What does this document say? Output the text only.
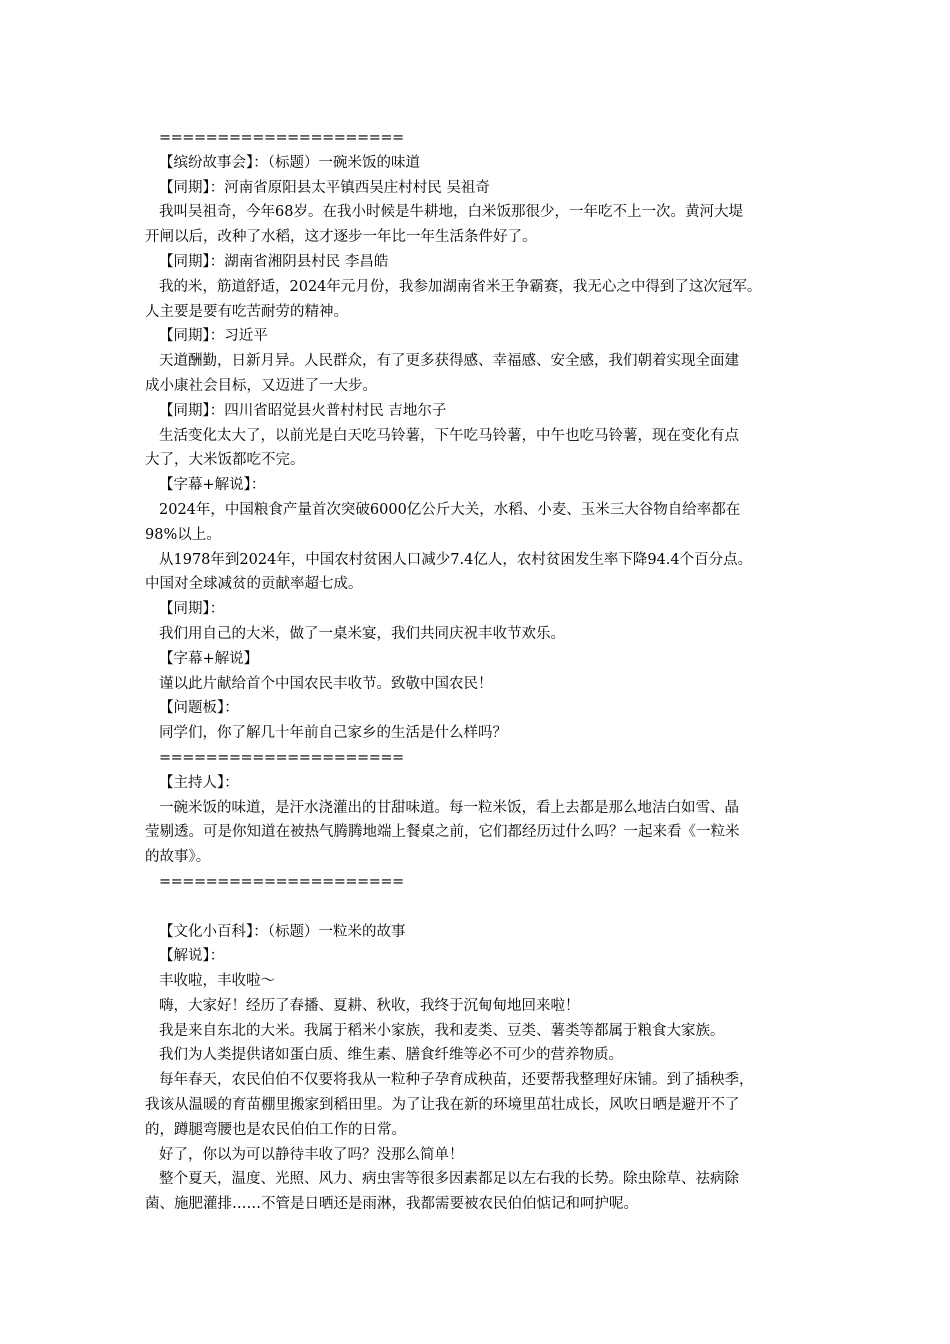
=====================
【缤纷故事会】：（标题）一碗米饭的味道
【同期】：河南省原阳县太平镇西吴庄村村民 吴祖奇
我叫吴祖奇，今年68岁。在我小时候是牛耕地，白米饭那很少，一年吃不上一次。黄河大堤
开闸以后，改种了水稻，这才逐步一年比一年生活条件好了。
【同期】：湖南省湘阴县村民 李昌皓
我的米，筋道舒适，2024年元月份，我参加湖南省米王争霸赛，我无心之中得到了这次冠军。
人主要是要有吃苦耐劳的精神。
【同期】：习近平
天道酬勤，日新月异。人民群众，有了更多获得感、幸福感、安全感，我们朝着实现全面建
成小康社会目标，又迈进了一大步。
【同期】：四川省昭觉县火普村村民 吉地尔子
生活变化太大了，以前光是白天吃马铃薯，下午吃马铃薯，中午也吃马铃薯，现在变化有点
大了，大米饭都吃不完。
【字幕+解说】：
2024年，中国粮食产量首次突破6000亿公斤大关，水稻、小麦、玉米三大谷物自给率都在
98%以上。
从1978年到2024年，中国农村贫困人口减少7.4亿人，农村贫困发生率下降94.4个百分点。
中国对全球减贫的贡献率超七成。
【同期】：
我们用自己的大米，做了一桌米宴，我们共同庆祝丰收节欢乐。
【字幕+解说】
谨以此片献给首个中国农民丰收节。致敬中国农民！
【问题板】：
同学们，你了解几十年前自己家乡的生活是什么样吗？
=====================
【主持人】：
一碗米饭的味道，是汗水浇灌出的甘甜味道。每一粒米饭，看上去都是那么地洁白如雪、晶
莹剔透。可是你知道在被热气腾腾地端上餐桌之前，它们都经历过什么吗？一起来看《一粒米
的故事》。
=====================
【文化小百科】：（标题）一粒米的故事
【解说】：
丰收啦，丰收啦～
嗨，大家好！经历了春播、夏耕、秋收，我终于沉甸甸地回来啦！
我是来自东北的大米。我属于稻米小家族，我和麦类、豆类、薯类等都属于粮食大家族。
我们为人类提供诸如蛋白质、维生素、膳食纤维等必不可少的营养物质。
每年春天，农民伯伯不仅要将我从一粒种子孕育成秧苗，还要帮我整理好床铺。到了插秧季，
我该从温暖的育苗棚里搬家到稻田里。为了让我在新的环境里茁壮成长，风吹日晒是避开不了
的，蹲腿弯腰也是农民伯伯工作的日常。
好了，你以为可以静待丰收了吗？没那么简单！
整个夏天，温度、光照、风力、病虫害等很多因素都足以左右我的长势。除虫除草、祛病除
菌、施肥灌排……不管是日晒还是雨淋，我都需要被农民伯伯惦记和呵护呢。
